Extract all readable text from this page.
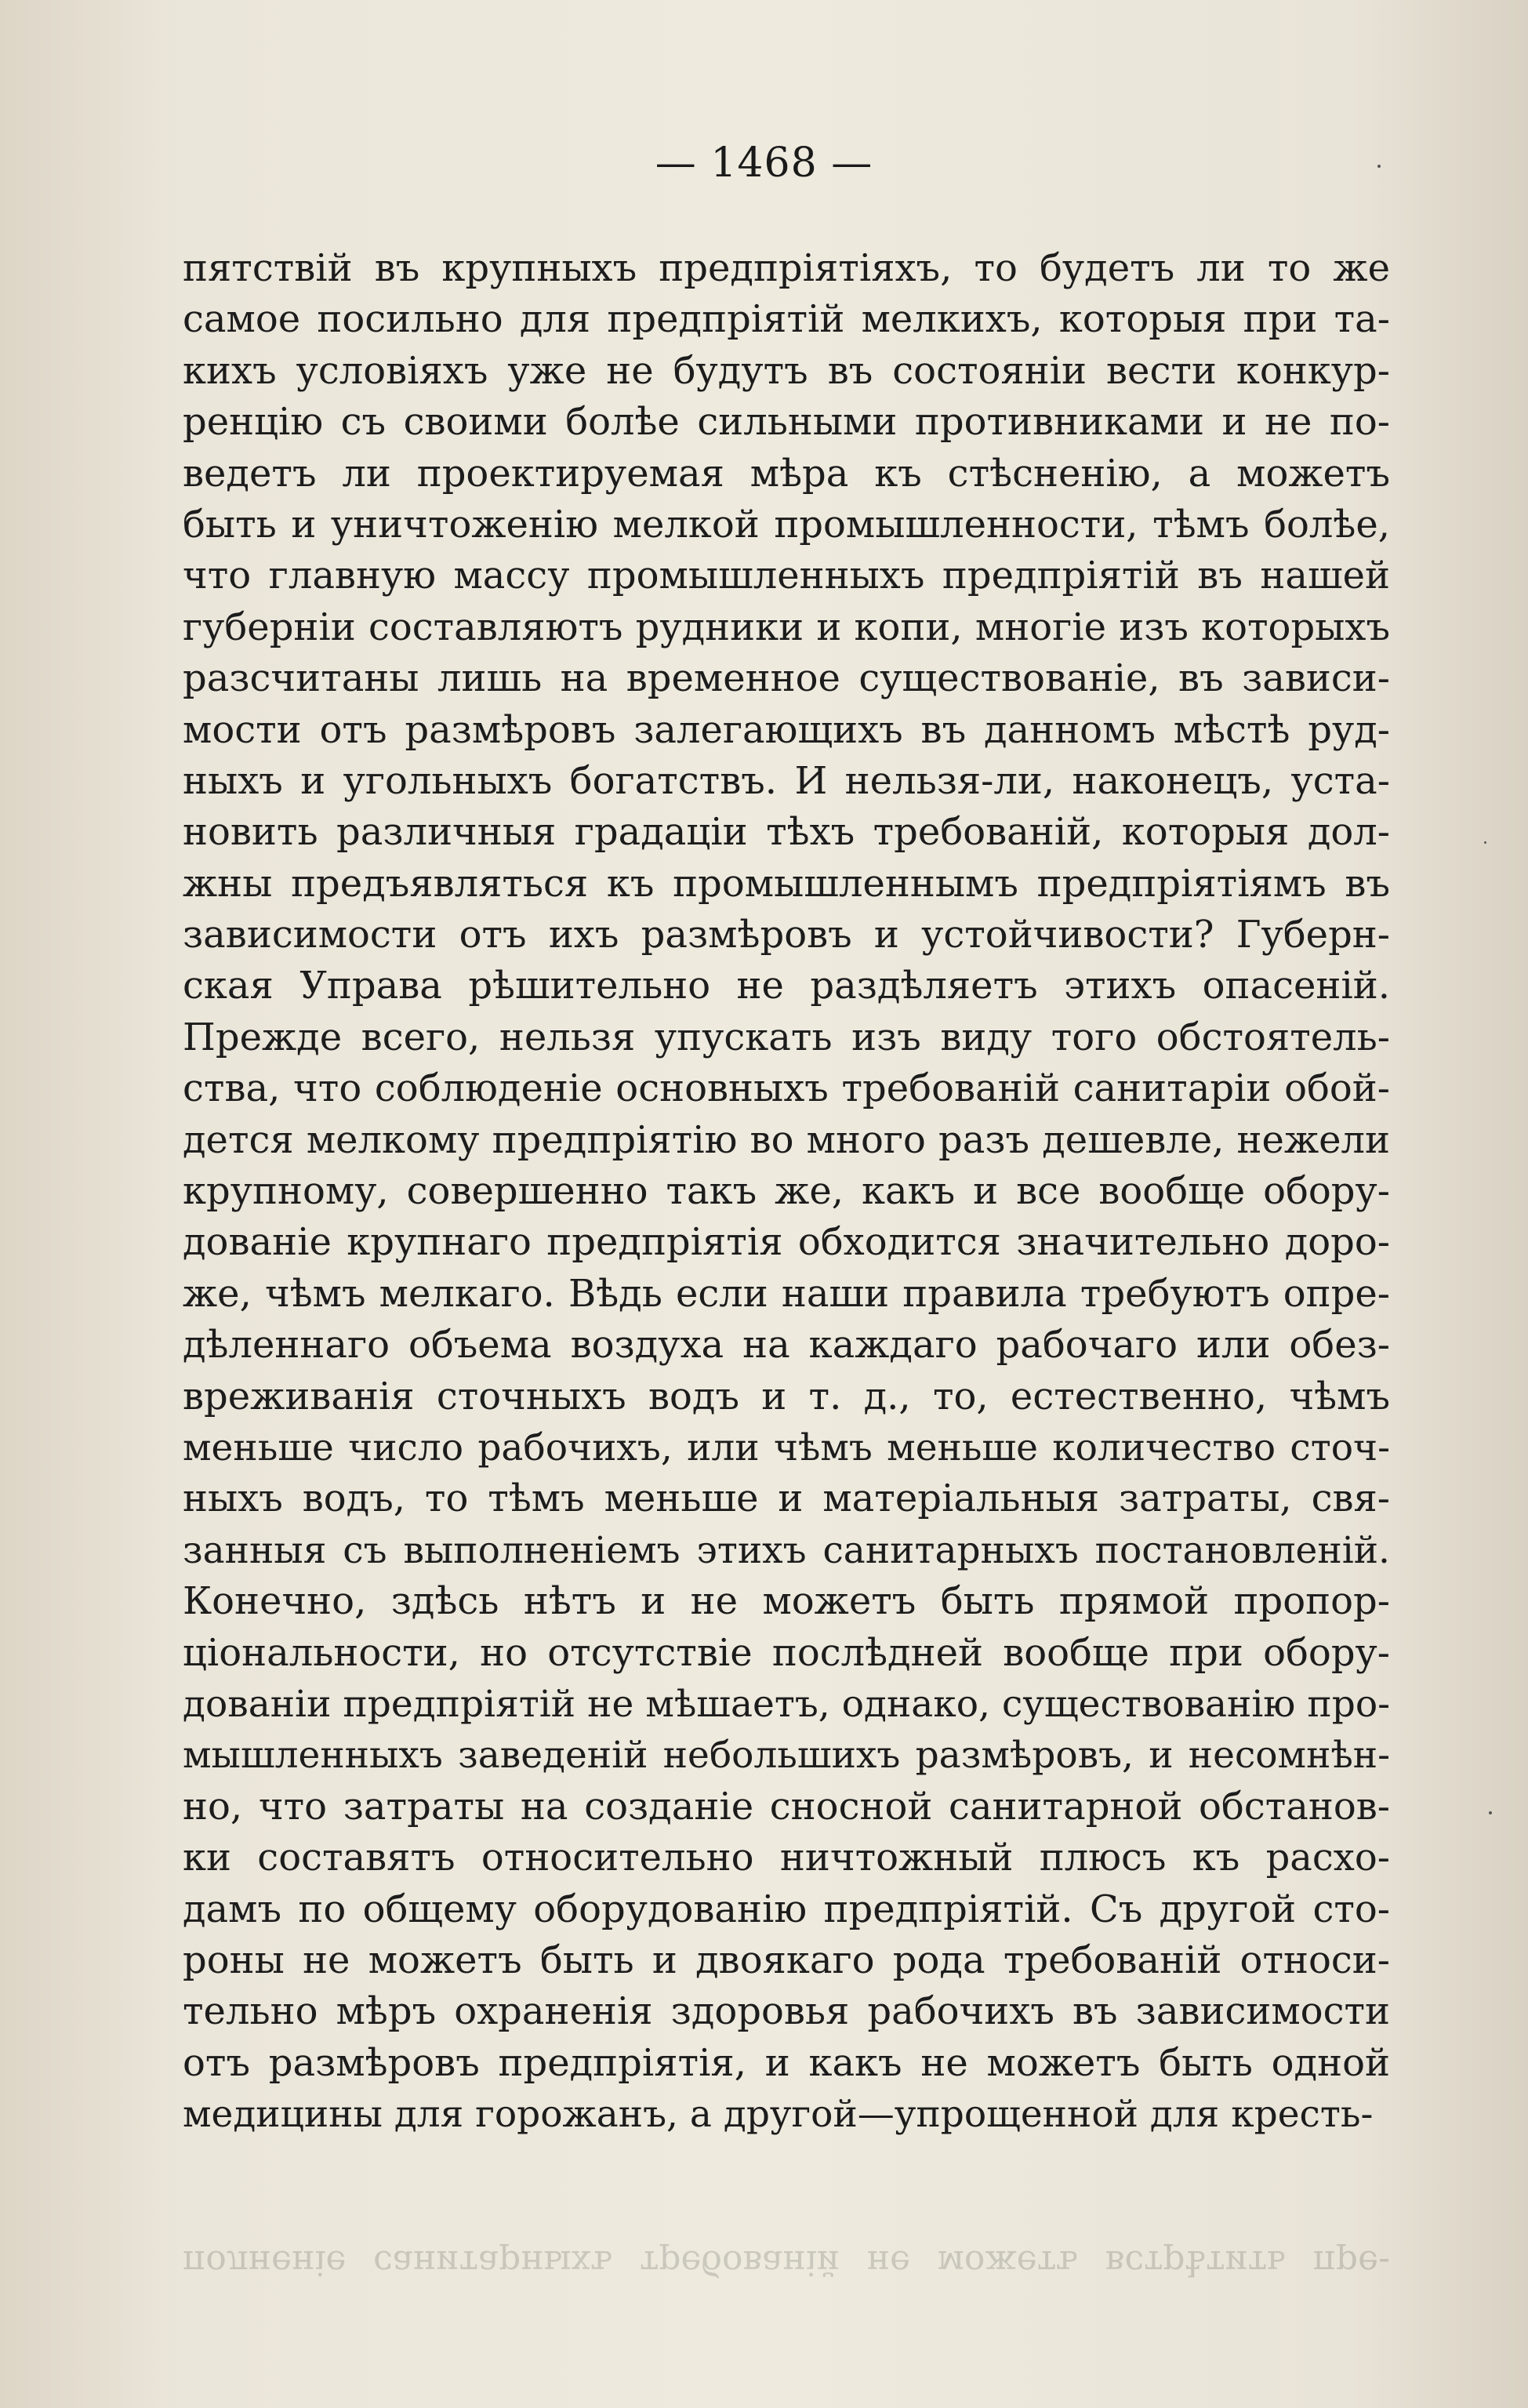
— 1468 —
пятствій въ крупныхъ предпріятіяхъ, то будетъ ли то же
самое посильно для предпріятій мелкихъ, которыя при та-
кихъ условіяхъ уже не будутъ въ состояніи вести конкур-
ренцію съ своими болѣе сильными противниками и не по-
ведетъ ли проектируемая мѣра къ стѣсненію, а можетъ
быть и уничтоженію мелкой промышленности, тѣмъ болѣе,
что главную массу промышленныхъ предпріятій въ нашей
губерніи составляютъ рудники и копи, многіе изъ которыхъ
разсчитаны лишь на временное существованіе, въ зависи-
мости отъ размѣровъ залегающихъ въ данномъ мѣстѣ руд-
ныхъ и угольныхъ богатствъ. И нельзя-ли, наконецъ, уста-
новить различныя градаціи тѣхъ требованій, которыя дол-
жны предъявляться къ промышленнымъ предпріятіямъ въ
зависимости отъ ихъ размѣровъ и устойчивости? Губерн-
ская Управа рѣшительно не раздѣляетъ этихъ опасеній.
Прежде всего, нельзя упускать изъ виду того обстоятель-
ства, что соблюденіе основныхъ требованій санитаріи обой-
дется мелкому предпріятію во много разъ дешевле, нежели
крупному, совершенно такъ же, какъ и все вообще обору-
дованіе крупнаго предпріятія обходится значительно доро-
же, чѣмъ мелкаго. Вѣдь если наши правила требуютъ опре-
дѣленнаго объема воздуха на каждаго рабочаго или обез-
вреживанія сточныхъ водъ и т. д., то, естественно, чѣмъ
меньше число рабочихъ, или чѣмъ меньше количество сточ-
ныхъ водъ, то тѣмъ меньше и матеріальныя затраты, свя-
занныя съ выполненіемъ этихъ санитарныхъ постановленій.
Конечно, здѣсь нѣтъ и не можетъ быть прямой пропор-
ціональности, но отсутствіе послѣдней вообще при обору-
дованіи предпріятій не мѣшаетъ, однако, существованію про-
мышленныхъ заведеній небольшихъ размѣровъ, и несомнѣн-
но, что затраты на созданіе сносной санитарной обстанов-
ки составятъ относительно ничтожный плюсъ къ расхо-
дамъ по общему оборудованію предпріятій. Съ другой сто-
роны не можетъ быть и двоякаго рода требованій относи-
тельно мѣръ охраненія здоровья рабочихъ въ зависимости
отъ размѣровъ предпріятія, и какъ не можетъ быть одной
медицины для горожанъ, а другой—упрощенной для кресть-
полненіе санитарныхъ требованій не можетъ встрѣтить пре-
